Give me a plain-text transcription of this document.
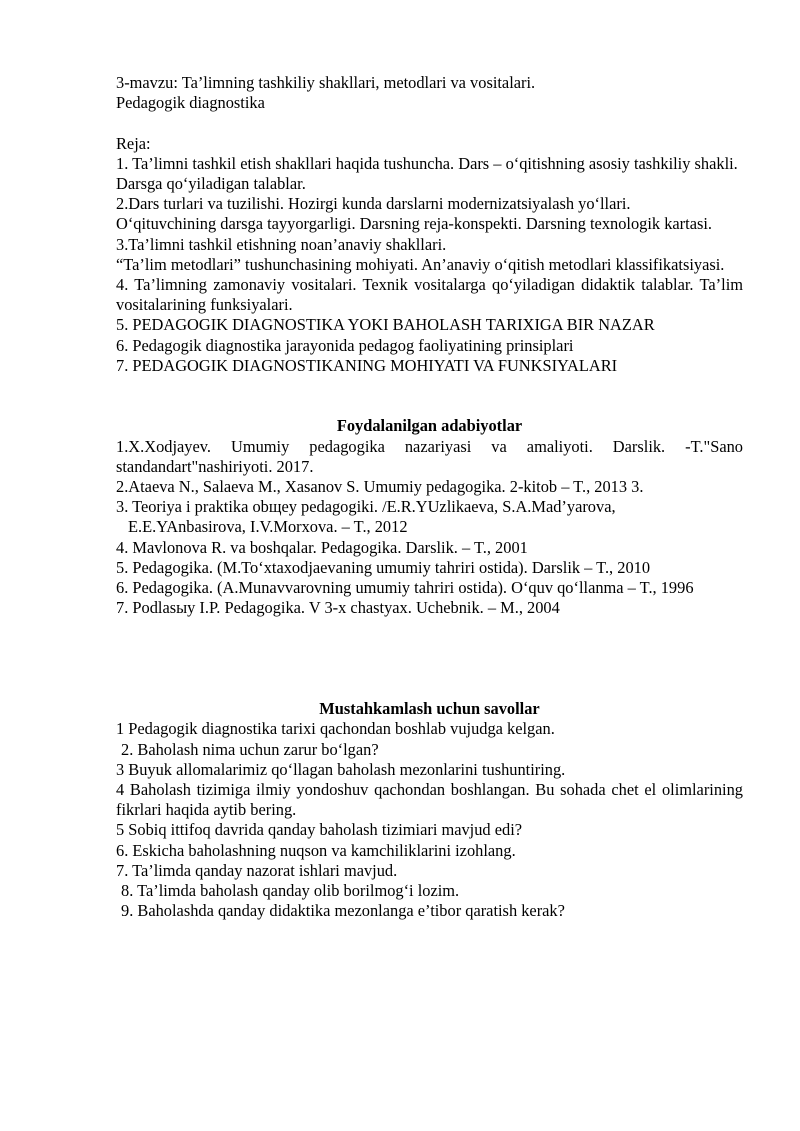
3-mavzu: Ta’limning tashkiliy shakllari, metodlari va vositalari.
Pedagogik diagnostika
Reja:
1. Ta’limni tashkil etish shakllari haqida tushuncha. Dars – o‘qitishning asosiy tashkiliy shakli. Darsga qo‘yiladigan talablar.
2.Dars turlari va tuzilishi. Hozirgi kunda darslarni modernizatsiyalash yo‘llari.
O‘qituvchining darsga tayyorgarligi. Darsning reja-konspekti. Darsning texnologik kartasi.
3.Ta’limni tashkil etishning noan’anaviy shakllari.
“Ta’lim metodlari” tushunchasining mohiyati. An’anaviy o‘qitish metodlari klassifikatsiyasi.
4. Ta’limning zamonaviy vositalari. Texnik vositalarga qo‘yiladigan didaktik talablar. Ta’lim vositalarining funksiyalari.
5. PEDAGOGIK DIAGNOSTIKA YOKI BAHOLASH TARIXIGA BIR NAZAR
6. Pedagogik diagnostika jarayonida pedagog faoliyatining prinsiplari
7. PEDAGOGIK DIAGNOSTIKANING MOHIYATI VA FUNKSIYALARI
Foydalanilgan adabiyotlar
1.X.Xodjayev. Umumiy pedagogika nazariyasi va amaliyoti. Darslik. -T."Sano standandart"nashiriyoti. 2017.
2.Ataeva N., Salaeva M., Xasanov S. Umumiy pedagogika. 2-kitob – T., 2013 3.
3. Teoriya i praktika obщeу pedagogiki. /E.R.YUzlikaeva, S.A.Mad’yarova,
E.E.YAnbasirova, I.V.Morxova. – T., 2012
4. Mavlonova R. va boshqalar. Pedagogika. Darslik. – T., 2001
5. Pedagogika. (M.To‘xtaxodjaevaning umumiy tahriri ostida). Darslik – T., 2010
6. Pedagogika. (A.Munavvarovning umumiy tahriri ostida). O‘quv qo‘llanma – T., 1996
7. Podlasыy I.P. Pedagogika. V 3-x chastyax. Uchebnik. – M., 2004
Mustahkamlash uchun savollar
1 Pedagogik diagnostika tarixi qachondan boshlab vujudga kelgan.
2. Baholash nima uchun zarur bo‘lgan?
3 Buyuk allomalarimiz qo‘llagan baholash mezonlarini tushuntiring.
4 Baholash tizimiga ilmiy yondoshuv qachondan boshlangan. Bu sohada chet el olimlarining fikrlari haqida aytib bering.
5 Sobiq ittifoq davrida qanday baholash tizimiari mavjud edi?
6. Eskicha baholashning nuqson va kamchiliklarini izohlang.
7. Ta’limda qanday nazorat ishlari mavjud.
8. Ta’limda baholash qanday olib borilmog‘i lozim.
9. Baholashda qanday didaktika mezonlanga e’tibor qaratish kerak?
